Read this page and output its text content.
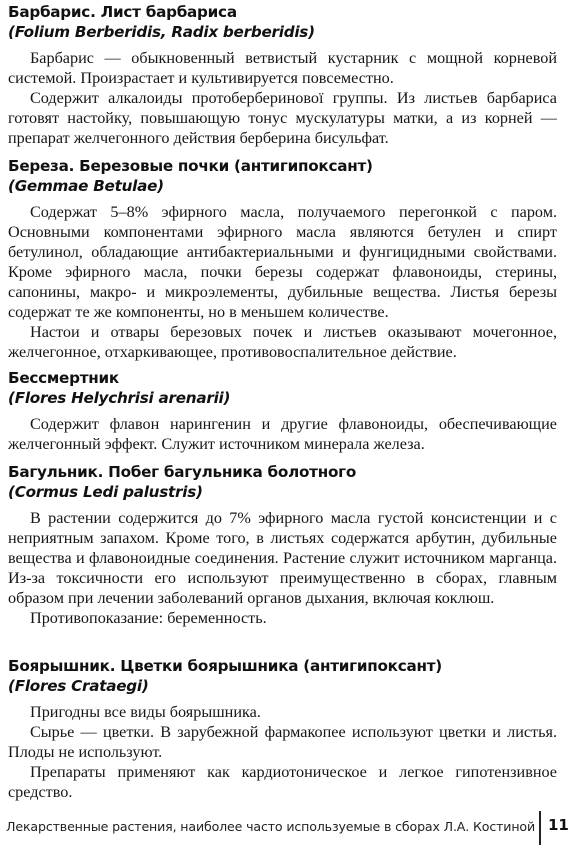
Барбарис. Лист барбариса

(Folium Berberidis, Radix berberidis)

Барбарис — обыкновенный ветвистый кустарник с мощной корневой системой. Произрастает и культивируется повсеместно.

Содержит алкалоиды протоберберинової группы. Из листьев барбариса готовят настойку, повышающую тонус мускулатуры матки, а из корней — препарат желчегонного действия берберина бисульфат.

Береза. Березовые почки (антигипоксант)

(Gemmae Betulae)

Содержат 5–8% эфирного масла, получаемого перегонкой с паром. Основными компонентами эфирного масла являются бетулен и спирт бетулинол, обладающие антибактериальными и фунгицидными свойствами. Кроме эфирного масла, почки березы содержат флавоноиды, стерины, сапонины, макро- и микроэлементы, дубильные вещества. Листья березы содержат те же компоненты, но в меньшем количестве.

Настои и отвары березовых почек и листьев оказывают мочегонное, желчегонное, отхаркивающее, противовоспалительное действие.

Бессмертник

(Flores Helychrisi arenarii)

Содержит флавон нарингенин и другие флавоноиды, обеспечивающие желчегонный эффект. Служит источником минерала железа.

Багульник. Побег багульника болотного

(Cormus Ledi palustris)

В растении содержится до 7% эфирного масла густой консистенции и с неприятным запахом. Кроме того, в листьях содержатся арбутин, дубильные вещества и флавоноидные соединения. Растение служит источником марганца. Из-за токсичности его используют преимущественно в сборах, главным образом при лечении заболеваний органов дыхания, включая коклюш.

Противопоказание: беременность.

Боярышник. Цветки боярышника (антигипоксант)

(Flores Crataegi)

Пригодны все виды боярышника.

Сырье — цветки. В зарубежной фармакопее используют цветки и листья. Плоды не используют.

Препараты применяют как кардиотоническое и легкое гипотензивное средство.

Лекарственные растения, наиболее часто используемые в сборах Л.А. Костиной 11
